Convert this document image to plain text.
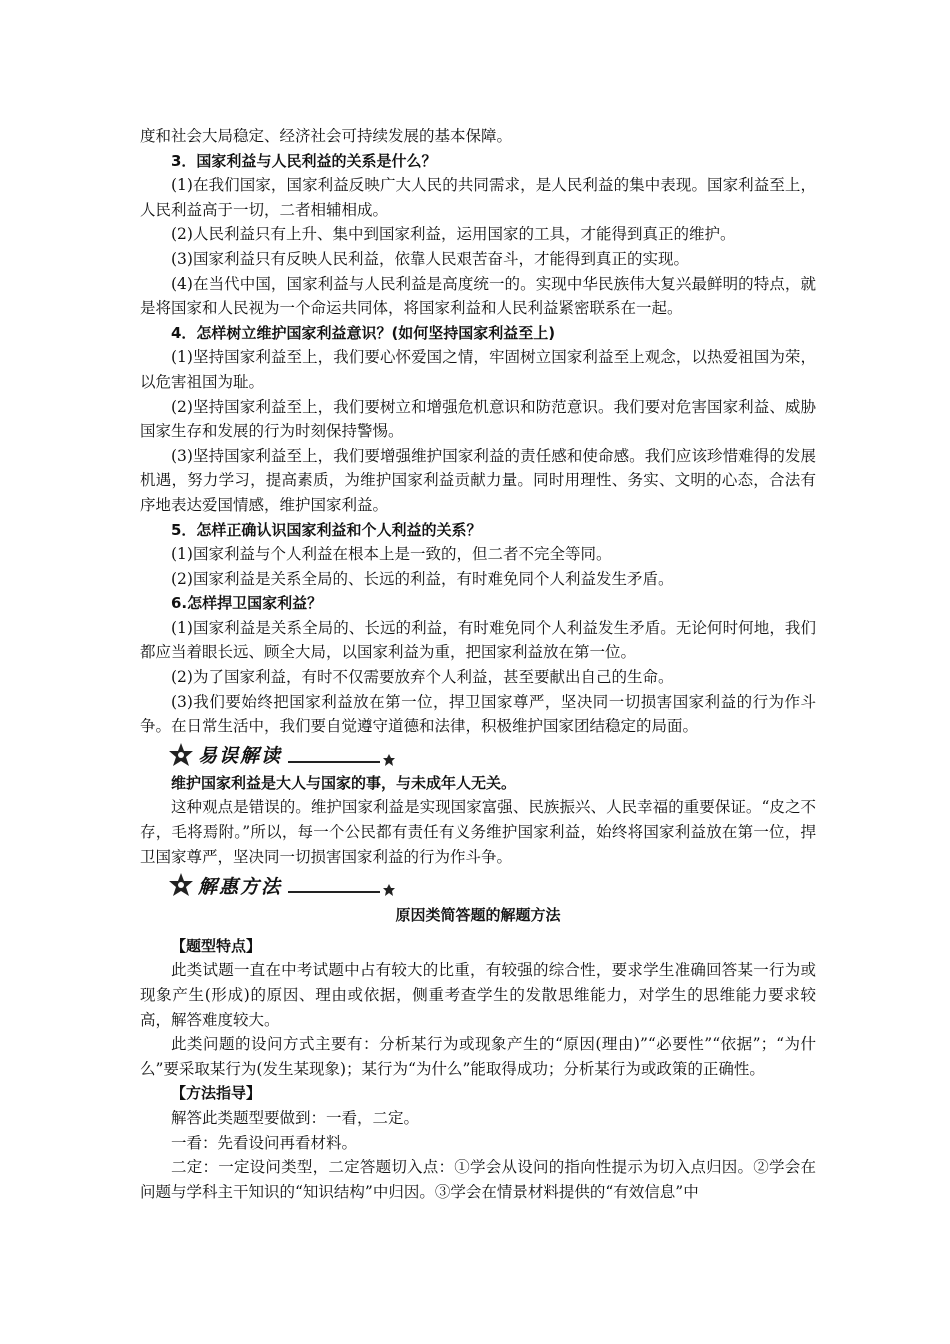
度和社会大局稳定、经济社会可持续发展的基本保障。

3．国家利益与人民利益的关系是什么？

(1)在我们国家，国家利益反映广大人民的共同需求，是人民利益的集中表现。国家利益至上，人民利益高于一切，二者相辅相成。

(2)人民利益只有上升、集中到国家利益，运用国家的工具，才能得到真正的维护。

(3)国家利益只有反映人民利益，依靠人民艰苦奋斗，才能得到真正的实现。

(4)在当代中国，国家利益与人民利益是高度统一的。实现中华民族伟大复兴最鲜明的特点，就是将国家和人民视为一个命运共同体，将国家利益和人民利益紧密联系在一起。

4．怎样树立维护国家利益意识？(如何坚持国家利益至上)

(1)坚持国家利益至上，我们要心怀爱国之情，牢固树立国家利益至上观念，以热爱祖国为荣，以危害祖国为耻。

(2)坚持国家利益至上，我们要树立和增强危机意识和防范意识。我们要对危害国家利益、威胁国家生存和发展的行为时刻保持警惕。

(3)坚持国家利益至上，我们要增强维护国家利益的责任感和使命感。我们应该珍惜难得的发展机遇，努力学习，提高素质，为维护国家利益贡献力量。同时用理性、务实、文明的心态，合法有序地表达爱国情感，维护国家利益。

5．怎样正确认识国家利益和个人利益的关系？

(1)国家利益与个人利益在根本上是一致的，但二者不完全等同。

(2)国家利益是关系全局的、长远的利益，有时难免同个人利益发生矛盾。

6.怎样捍卫国家利益？

(1)国家利益是关系全局的、长远的利益，有时难免同个人利益发生矛盾。无论何时何地，我们都应当着眼长远、顾全大局，以国家利益为重，把国家利益放在第一位。

(2)为了国家利益，有时不仅需要放弃个人利益，甚至要献出自己的生命。

(3)我们要始终把国家利益放在第一位，捍卫国家尊严，坚决同一切损害国家利益的行为作斗争。在日常生活中，我们要自觉遵守道德和法律，积极维护国家团结稳定的局面。

易误解读

维护国家利益是大人与国家的事，与未成年人无关。

这种观点是错误的。维护国家利益是实现国家富强、民族振兴、人民幸福的重要保证。“皮之不存，毛将焉附。”所以，每一个公民都有责任有义务维护国家利益，始终将国家利益放在第一位，捍卫国家尊严，坚决同一切损害国家利益的行为作斗争。

解惠方法

原因类简答题的解题方法

【题型特点】

此类试题一直在中考试题中占有较大的比重，有较强的综合性，要求学生准确回答某一行为或现象产生(形成)的原因、理由或依据，侧重考查学生的发散思维能力，对学生的思维能力要求较高，解答难度较大。

此类问题的设问方式主要有：分析某行为或现象产生的“原因(理由)”“必要性”“依据”；“为什么”要采取某行为(发生某现象)；某行为“为什么”能取得成功；分析某行为或政策的正确性。

【方法指导】

解答此类题型要做到：一看，二定。

一看：先看设问再看材料。

二定：一定设问类型，二定答题切入点：①学会从设问的指向性提示为切入点归因。②学会在问题与学科主干知识的“知识结构”中归因。③学会在情景材料提供的“有效信息”中
